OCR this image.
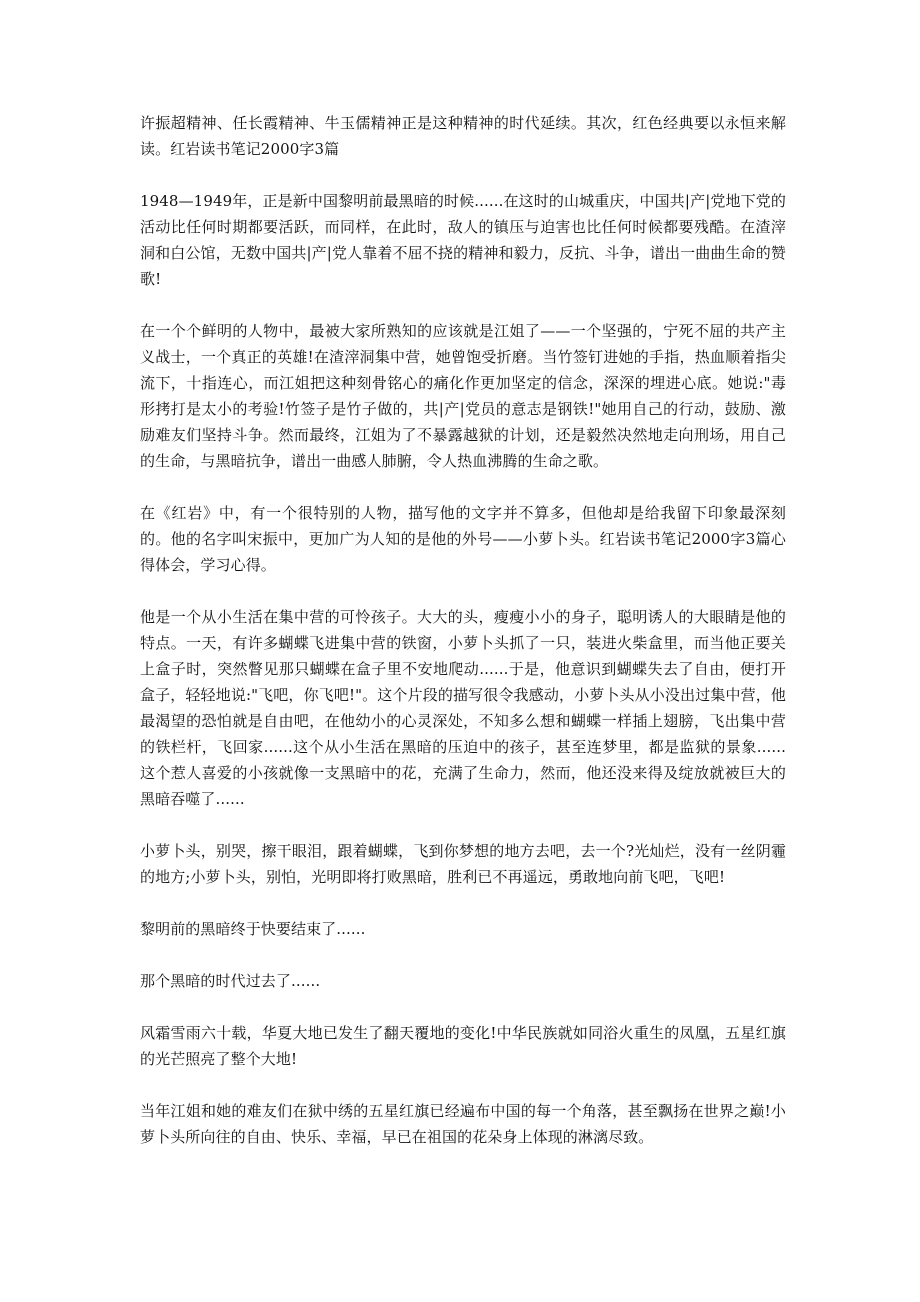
许振超精神、任长霞精神、牛玉儒精神正是这种精神的时代延续。其次，红色经典要以永恒来解读。红岩读书笔记2000字3篇

1948—1949年，正是新中国黎明前最黑暗的时候......在这时的山城重庆，中国共|产|党地下党的活动比任何时期都要活跃，而同样，在此时，敌人的镇压与迫害也比任何时候都要残酷。在渣滓洞和白公馆，无数中国共|产|党人靠着不屈不挠的精神和毅力，反抗、斗争，谱出一曲曲生命的赞歌!

在一个个鲜明的人物中，最被大家所熟知的应该就是江姐了——一个坚强的，宁死不屈的共产主义战士，一个真正的英雄!在渣滓洞集中营，她曾饱受折磨。当竹签钉进她的手指，热血顺着指尖流下，十指连心，而江姐把这种刻骨铭心的痛化作更加坚定的信念，深深的埋进心底。她说:"毒形拷打是太小的考验!竹签子是竹子做的，共|产|党员的意志是钢铁!"她用自己的行动，鼓励、激励难友们坚持斗争。然而最终，江姐为了不暴露越狱的计划，还是毅然决然地走向刑场，用自己的生命，与黑暗抗争，谱出一曲感人肺腑，令人热血沸腾的生命之歌。

在《红岩》中，有一个很特别的人物，描写他的文字并不算多，但他却是给我留下印象最深刻的。他的名字叫宋振中，更加广为人知的是他的外号——小萝卜头。红岩读书笔记2000字3篇心得体会，学习心得。

他是一个从小生活在集中营的可怜孩子。大大的头，瘦瘦小小的身子，聪明诱人的大眼睛是他的特点。一天，有许多蝴蝶飞进集中营的铁窗，小萝卜头抓了一只，装进火柴盒里，而当他正要关上盒子时，突然瞥见那只蝴蝶在盒子里不安地爬动......于是，他意识到蝴蝶失去了自由，便打开盒子，轻轻地说:"飞吧，你飞吧!"。这个片段的描写很令我感动，小萝卜头从小没出过集中营，他最渴望的恐怕就是自由吧，在他幼小的心灵深处，不知多么想和蝴蝶一样插上翅膀，飞出集中营的铁栏杆，飞回家......这个从小生活在黑暗的压迫中的孩子，甚至连梦里，都是监狱的景象......这个惹人喜爱的小孩就像一支黑暗中的花，充满了生命力，然而，他还没来得及绽放就被巨大的黑暗吞噬了......

小萝卜头，别哭，擦干眼泪，跟着蝴蝶，飞到你梦想的地方去吧，去一个?光灿烂，没有一丝阴霾的地方;小萝卜头，别怕，光明即将打败黑暗，胜利已不再遥远，勇敢地向前飞吧，飞吧!

黎明前的黑暗终于快要结束了......

那个黑暗的时代过去了......

风霜雪雨六十载，华夏大地已发生了翻天覆地的变化!中华民族就如同浴火重生的凤凰，五星红旗的光芒照亮了整个大地!

当年江姐和她的难友们在狱中绣的五星红旗已经遍布中国的每一个角落，甚至飘扬在世界之巅!小萝卜头所向往的自由、快乐、幸福，早已在祖国的花朵身上体现的淋漓尽致。
